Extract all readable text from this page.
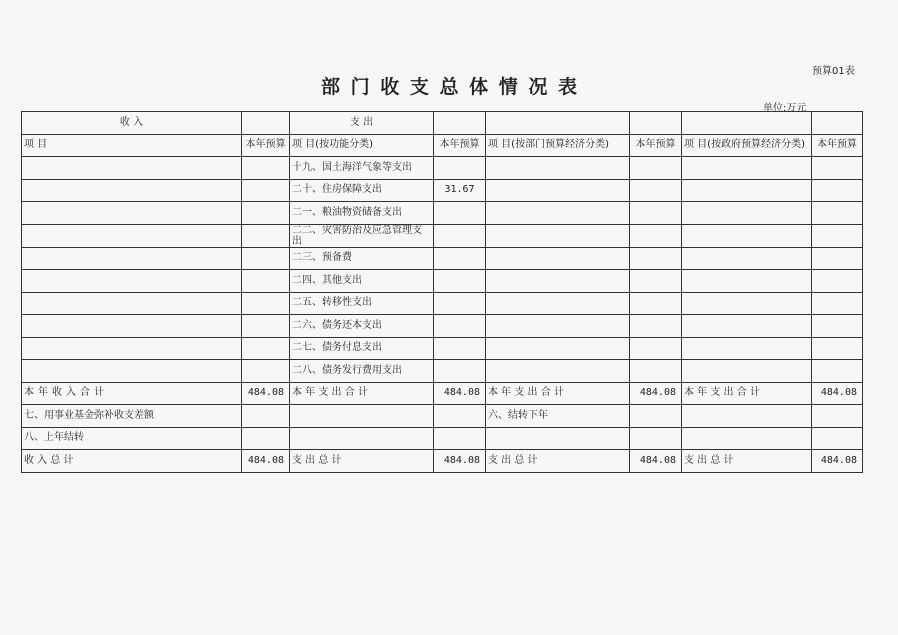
预算01表
部 门 收 支 总 体 情 况 表
单位:万元
收 入		支 出					
项 目	本年预算	项 目(按功能分类)	本年预算	项 目(按部门预算经济分类)	本年预算	项 目(按政府预算经济分类)	本年预算
		十九、国土海洋气象等支出					
		二十、住房保障支出	31.67				
		二一、粮油物资储备支出					
		二二、灾害防治及应急管理支出					
		二三、预备费					
		二四、其他支出					
		二五、转移性支出					
		二六、债务还本支出					
		二七、债务付息支出					
		二八、债务发行费用支出					
本年收入合计	484.08	本 年 支 出 合 计	484.08	本 年 支 出 合 计	484.08	本 年 支 出 合 计	484.08
七、用事业基金弥补收支差额				六、结转下年			
八、上年结转							
收 入 总 计	484.08	支 出 总 计	484.08	支 出 总 计	484.08	支 出 总 计	484.08
